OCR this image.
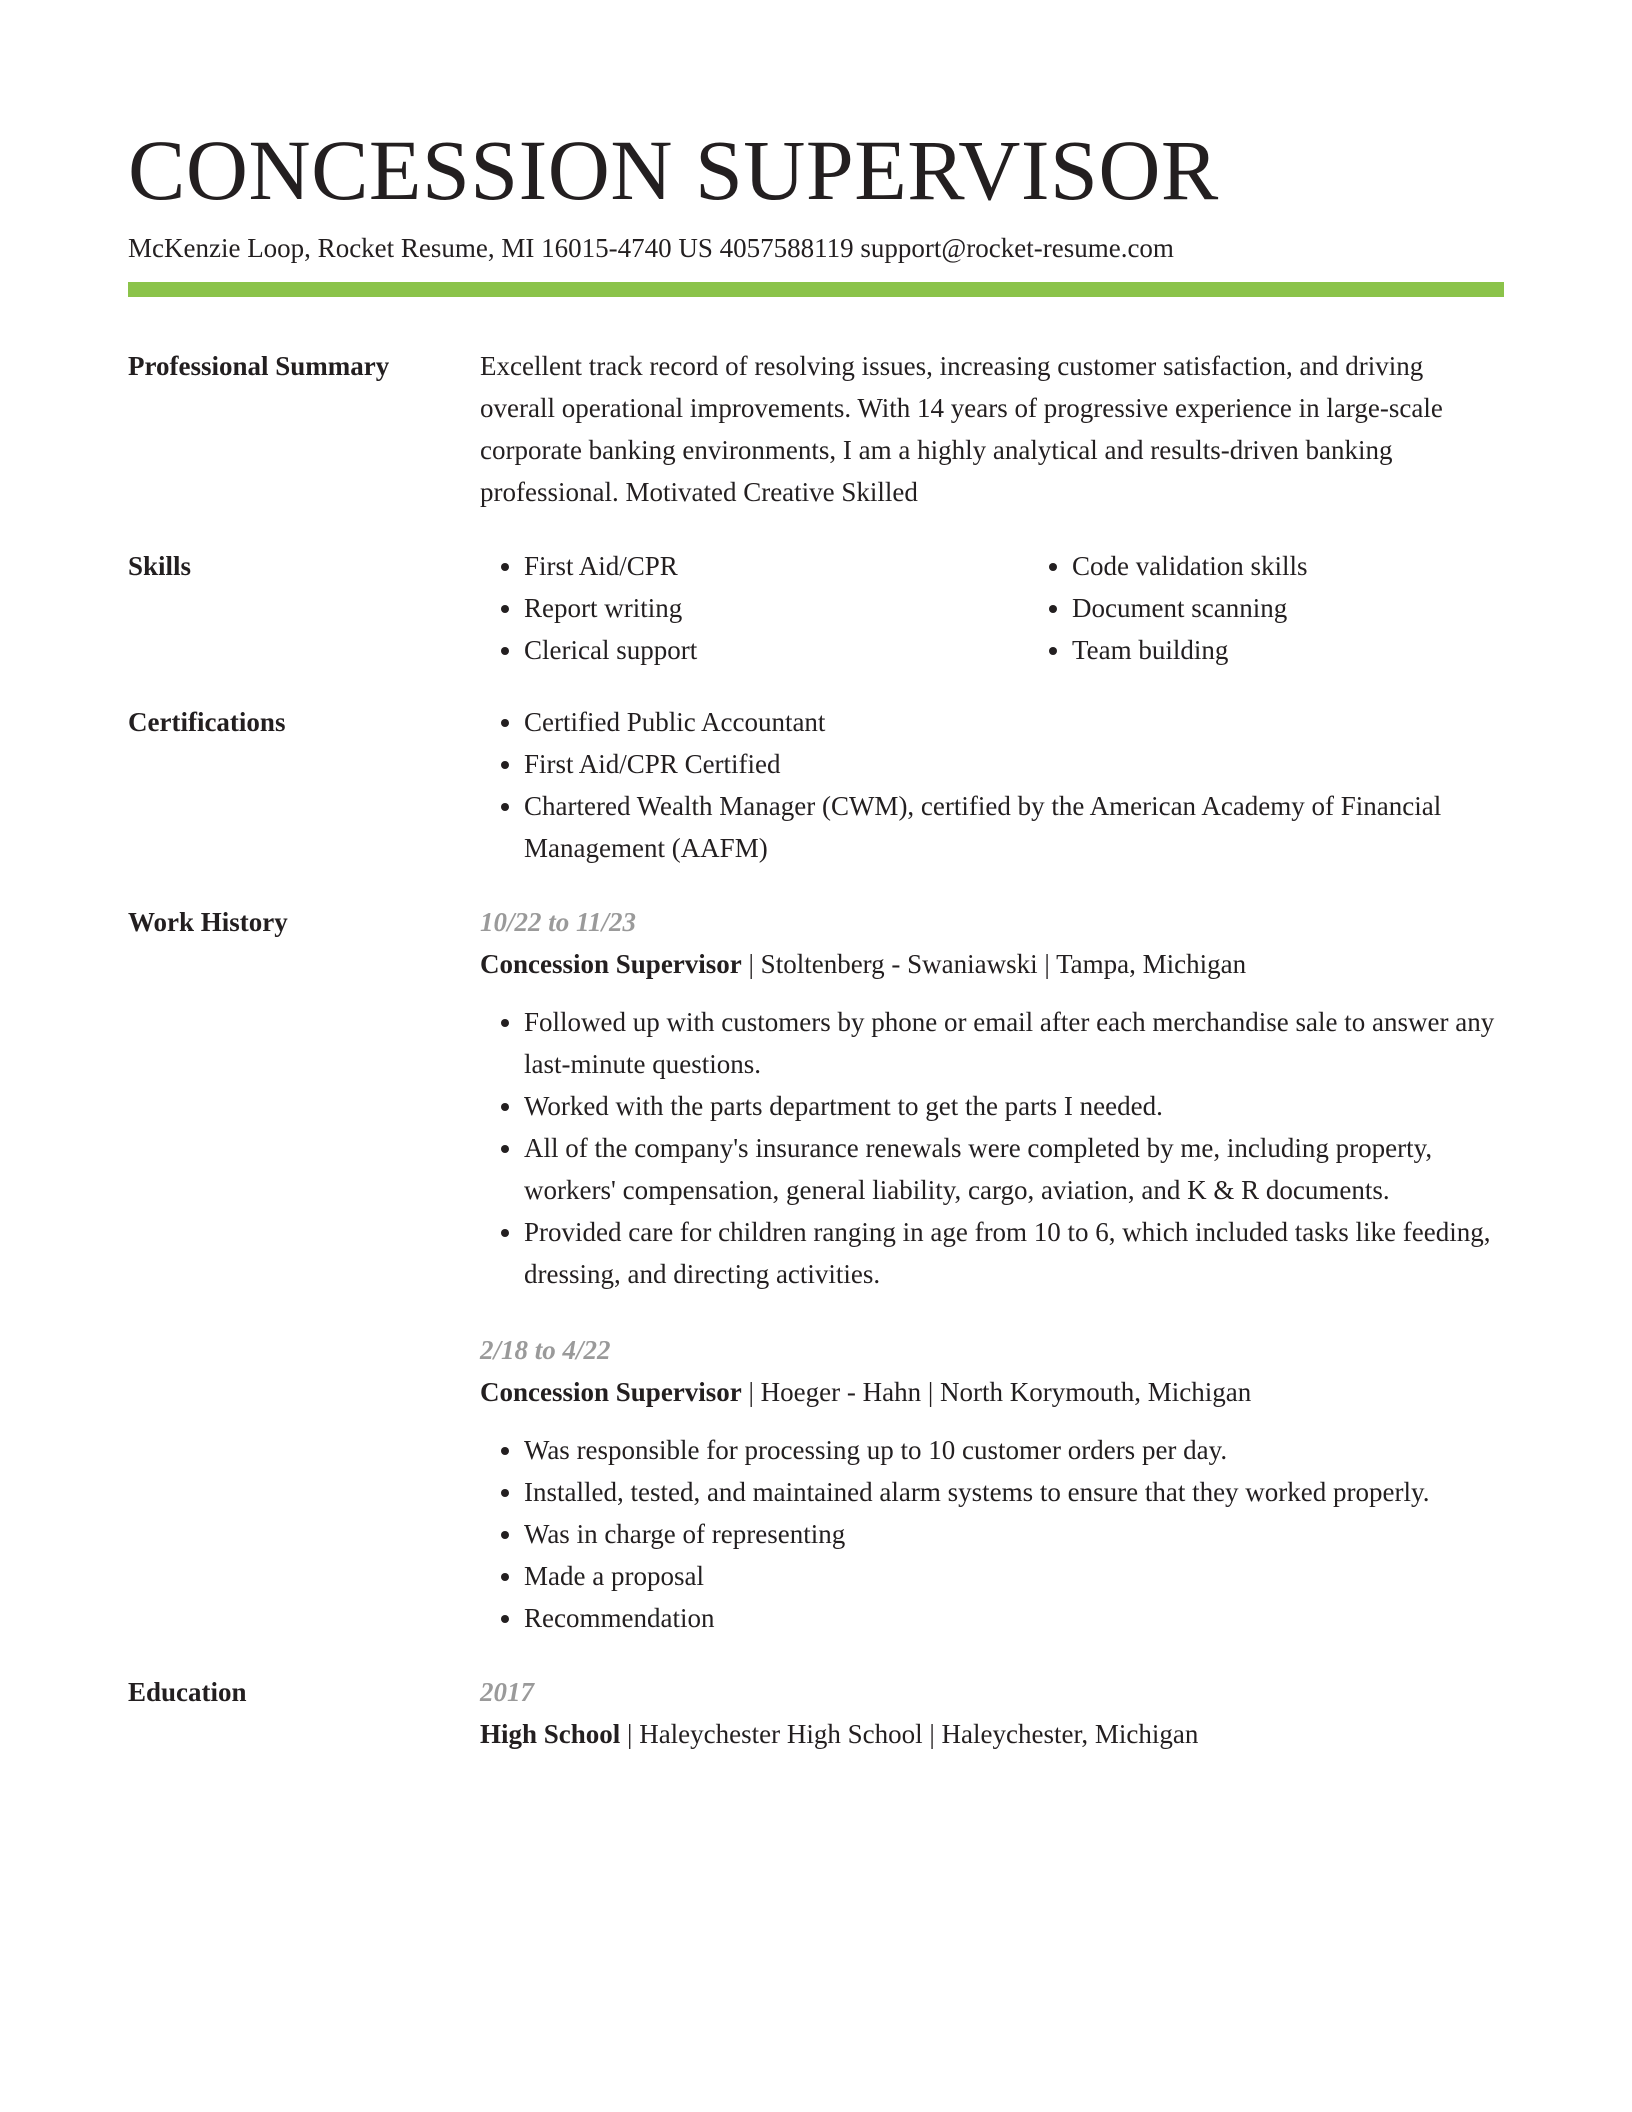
CONCESSION SUPERVISOR
McKenzie Loop, Rocket Resume, MI 16015-4740 US 4057588119 support@rocket-resume.com
Professional Summary	Excellent track record of resolving issues, increasing customer satisfaction, and driving overall operational improvements. With 14 years of progressive experience in large-scale corporate banking environments, I am a highly analytical and results-driven banking professional. Motivated Creative Skilled
Skills	• First Aid/CPR
• Report writing
• Clerical support
• Code validation skills
• Document scanning
• Team building
Certifications	• Certified Public Accountant
• First Aid/CPR Certified
• Chartered Wealth Manager (CWM), certified by the American Academy of Financial Management (AAFM)
Work History	10/22 to 11/23
Concession Supervisor | Stoltenberg - Swaniawski | Tampa, Michigan
• Followed up with customers by phone or email after each merchandise sale to answer any last-minute questions.
• Worked with the parts department to get the parts I needed.
• All of the company's insurance renewals were completed by me, including property, workers' compensation, general liability, cargo, aviation, and K & R documents.
• Provided care for children ranging in age from 10 to 6, which included tasks like feeding, dressing, and directing activities.
2/18 to 4/22
Concession Supervisor | Hoeger - Hahn | North Korymouth, Michigan
• Was responsible for processing up to 10 customer orders per day.
• Installed, tested, and maintained alarm systems to ensure that they worked properly.
• Was in charge of representing
• Made a proposal
• Recommendation
Education	2017
High School | Haleychester High School | Haleychester, Michigan
